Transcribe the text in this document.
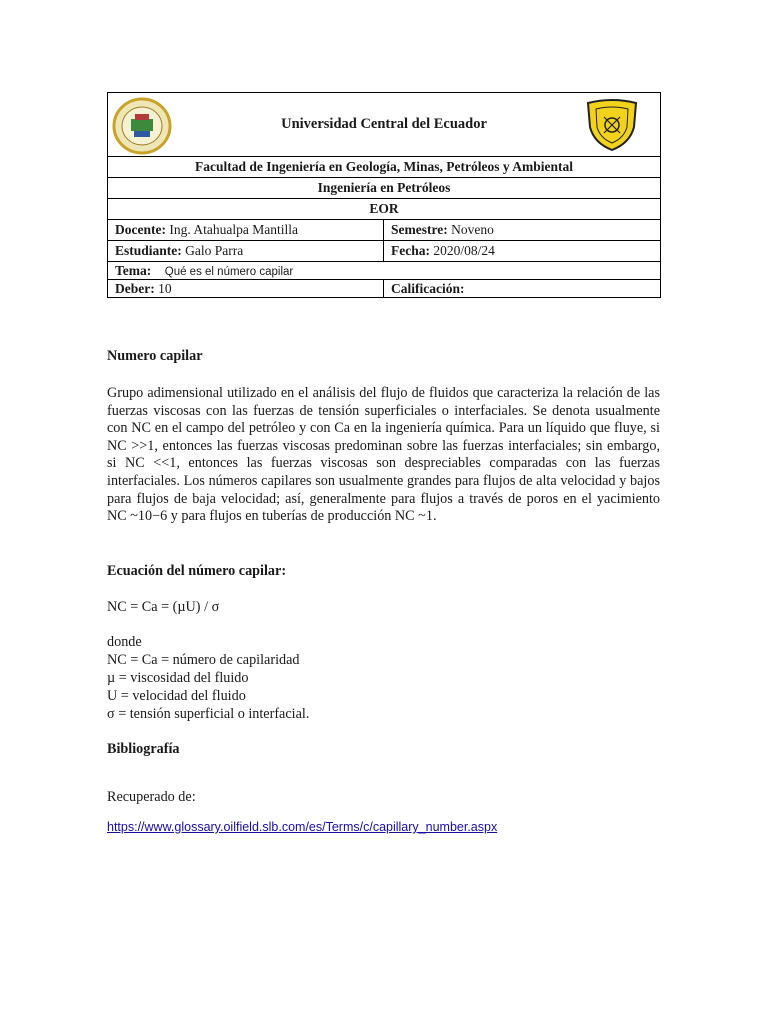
Universidad Central del Ecuador	

Facultad de Ingeniería en Geología, Minas, Petróleos y Ambiental	
Ingeniería en Petróleos	
EOR	
Docente: Ing. Atahualpa Mantilla	Semestre: Noveno
Estudiante: Galo Parra	Fecha: 2020/08/24
Tema: Qué es el número capilar	
Deber: 10	Calificación:

Numero capilar

Grupo adimensional utilizado en el análisis del flujo de fluidos que caracteriza la relación de las fuerzas viscosas con las fuerzas de tensión superficiales o interfaciales. Se denota usualmente con NC en el campo del petróleo y con Ca en la ingeniería química. Para un líquido que fluye, si NC >>1, entonces las fuerzas viscosas predominan sobre las fuerzas interfaciales; sin embargo, si NC <<1, entonces las fuerzas viscosas son despreciables comparadas con las fuerzas interfaciales. Los números capilares son usualmente grandes para flujos de alta velocidad y bajos para flujos de baja velocidad; así, generalmente para flujos a través de poros en el yacimiento NC ~10−6 y para flujos en tuberías de producción NC ~1.

Ecuación del número capilar:

NC = Ca = (µU) / σ

donde

NC = Ca = número de capilaridad

µ = viscosidad del fluido

U = velocidad del fluido

σ = tensión superficial o interfacial.

Bibliografía

Recuperado de:

https://www.glossary.oilfield.slb.com/es/Terms/c/capillary_number.aspx
